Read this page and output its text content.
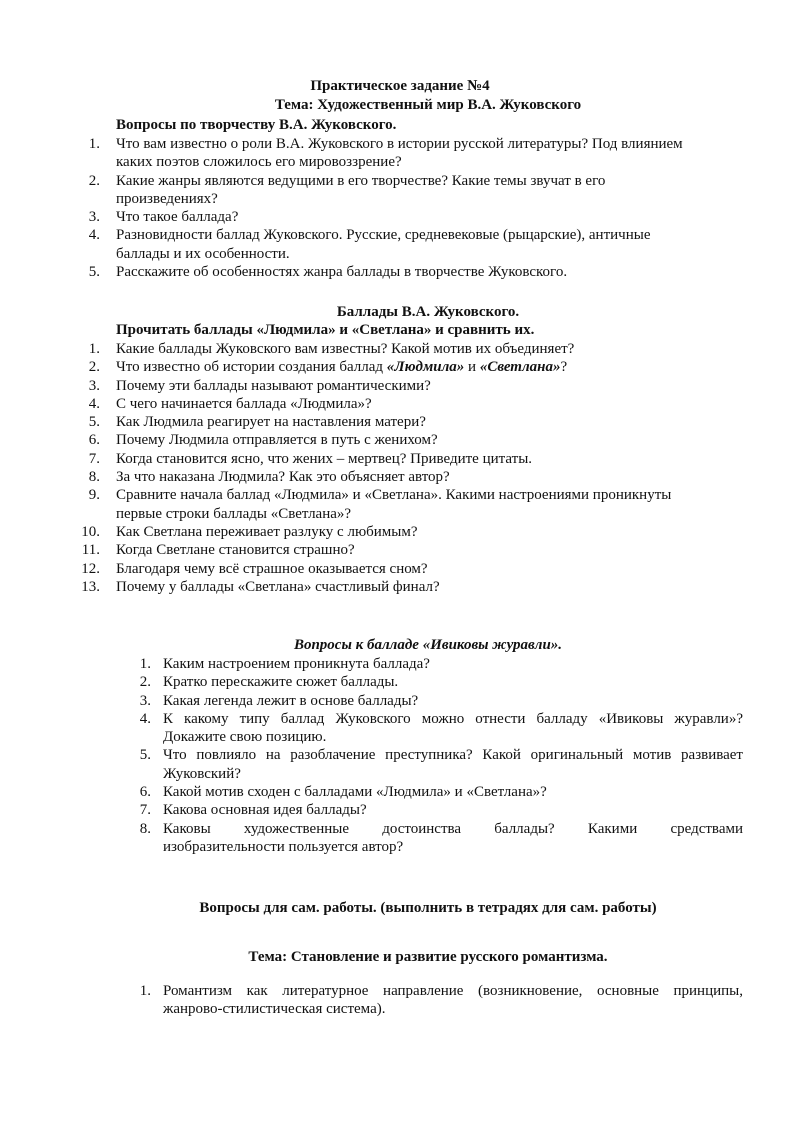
Практическое задание №4
Тема: Художественный мир В.А. Жуковского
Вопросы по творчеству В.А. Жуковского.
1. Что вам известно о роли В.А. Жуковского в истории русской литературы? Под влиянием
каких поэтов сложилось его мировоззрение?
2. Какие жанры являются ведущими в его творчестве? Какие темы звучат в его
произведениях?
3. Что такое баллада?
4. Разновидности баллад Жуковского. Русские, средневековые (рыцарские), античные
баллады и их особенности.
5. Расскажите об особенностях жанра баллады в творчестве Жуковского.
Баллады В.А. Жуковского.
Прочитать баллады «Людмила» и «Светлана» и сравнить их.
1. Какие баллады Жуковского вам известны? Какой мотив их объединяет?
2. Что известно об истории создания баллад «Людмила» и «Светлана»?
3. Почему эти баллады называют романтическими?
4. С чего начинается баллада «Людмила»?
5. Как Людмила реагирует на наставления матери?
6. Почему Людмила отправляется в путь с женихом?
7. Когда становится ясно, что жених – мертвец? Приведите цитаты.
8. За что наказана Людмила? Как это объясняет автор?
9. Сравните начала баллад «Людмила» и «Светлана». Какими настроениями проникнуты
первые строки баллады «Светлана»?
10. Как Светлана переживает разлуку с любимым?
11. Когда Светлане становится страшно?
12. Благодаря чему всё страшное оказывается сном?
13. Почему у баллады «Светлана» счастливый финал?
Вопросы к балладе «Ивиковы журавли».
1. Каким настроением проникнута баллада?
2. Кратко перескажите сюжет баллады.
3. Какая легенда лежит в основе баллады?
4. К какому типу баллад Жуковского можно отнести балладу «Ивиковы журавли»?
Докажите свою позицию.
5. Что повлияло на разоблачение преступника? Какой оригинальный мотив развивает
Жуковский?
6. Какой мотив сходен с балладами «Людмила» и «Светлана»?
7. Какова основная идея баллады?
8. Каковы художественные достоинства баллады? Какими средствами
изобразительности пользуется автор?
Вопросы для сам. работы. (выполнить в тетрадях для сам. работы)
Тема: Становление и развитие русского романтизма.
1. Романтизм как литературное направление (возникновение, основные принципы,
жанрово-стилистическая система).
